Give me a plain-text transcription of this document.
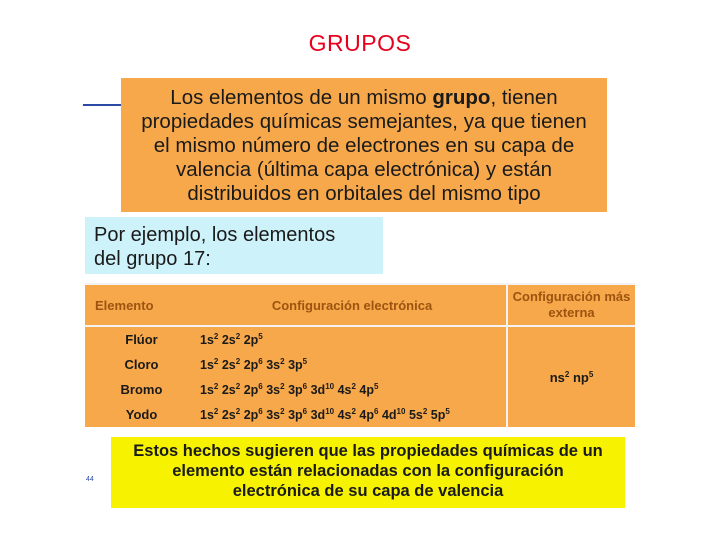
GRUPOS
Los elementos de un mismo grupo, tienen
propiedades químicas semejantes, ya que tienen
el mismo número de electrones en su capa de
valencia (última capa electrónica) y están
distribuidos en orbitales del mismo tipo
Por ejemplo, los elementos
del grupo 17:
Elemento	Configuración electrónica	Configuración más externa
Flúor	$1s^2$ $2s^2$ $2p^5$	$ns^2$ $np^5$
Cloro	$1s^2$ $2s^2$ $2p^6$ $3s^2$ $3p^5$
Bromo	$1s^2$ $2s^2$ $2p^6$ $3s^2$ $3p^6$ $3d^{10}$ $4s^2$ $4p^5$
Yodo	$1s^2$ $2s^2$ $2p^6$ $3s^2$ $3p^6$ $3d^{10}$ $4s^2$ $4p^6$ $4d^{10}$ $5s^2$ $5p^5$
44
Estos hechos sugieren que las propiedades químicas de un
elemento están relacionadas con la configuración
electrónica de su capa de valencia
